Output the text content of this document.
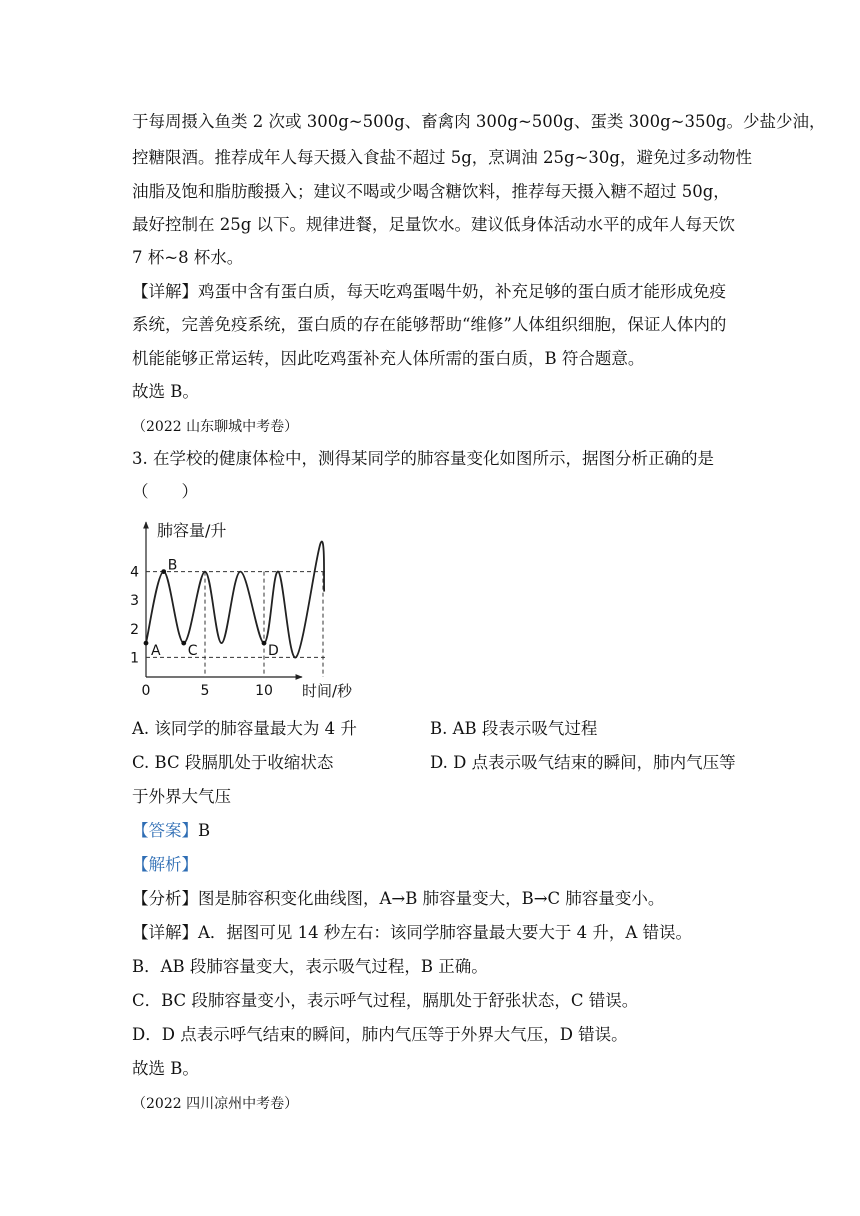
于每周摄入鱼类 2 次或 300g~500g、畜禽肉 300g~500g、蛋类 300g~350g。少盐少油，
控糖限酒。推荐成年人每天摄入食盐不超过 5g，烹调油 25g~30g，避免过多动物性
油脂及饱和脂肪酸摄入；建议不喝或少喝含糖饮料，推荐每天摄入糖不超过 50g，
最好控制在 25g 以下。规律进餐，足量饮水。建议低身体活动水平的成年人每天饮
7 杯~8 杯水。
【详解】鸡蛋中含有蛋白质，每天吃鸡蛋喝牛奶，补充足够的蛋白质才能形成免疫
系统，完善免疫系统，蛋白质的存在能够帮助“维修”人体组织细胞，保证人体内的
机能能够正常运转，因此吃鸡蛋补充人体所需的蛋白质，B 符合题意。
故选 B。
（2022 山东聊城中考卷）
3. 在学校的健康体检中，测得某同学的肺容量变化如图所示，据图分析正确的是
（　　）
肺容量/升
时间/秒
1
2
3
4
0	5	10
A
B
C	D
A. 该同学的肺容量最大为 4 升	B. AB 段表示吸气过程
C. BC 段膈肌处于收缩状态	D. D 点表示吸气结束的瞬间，肺内气压等
于外界大气压
【答案】B
【解析】
【分析】图是肺容积变化曲线图，A→B 肺容量变大，B→C 肺容量变小。
【详解】A．据图可见 14 秒左右：该同学肺容量最大要大于 4 升，A 错误。
B．AB 段肺容量变大，表示吸气过程，B 正确。
C．BC 段肺容量变小，表示呼气过程，膈肌处于舒张状态，C 错误。
D．D 点表示呼气结束的瞬间，肺内气压等于外界大气压，D 错误。
故选 B。
（2022 四川凉州中考卷）
